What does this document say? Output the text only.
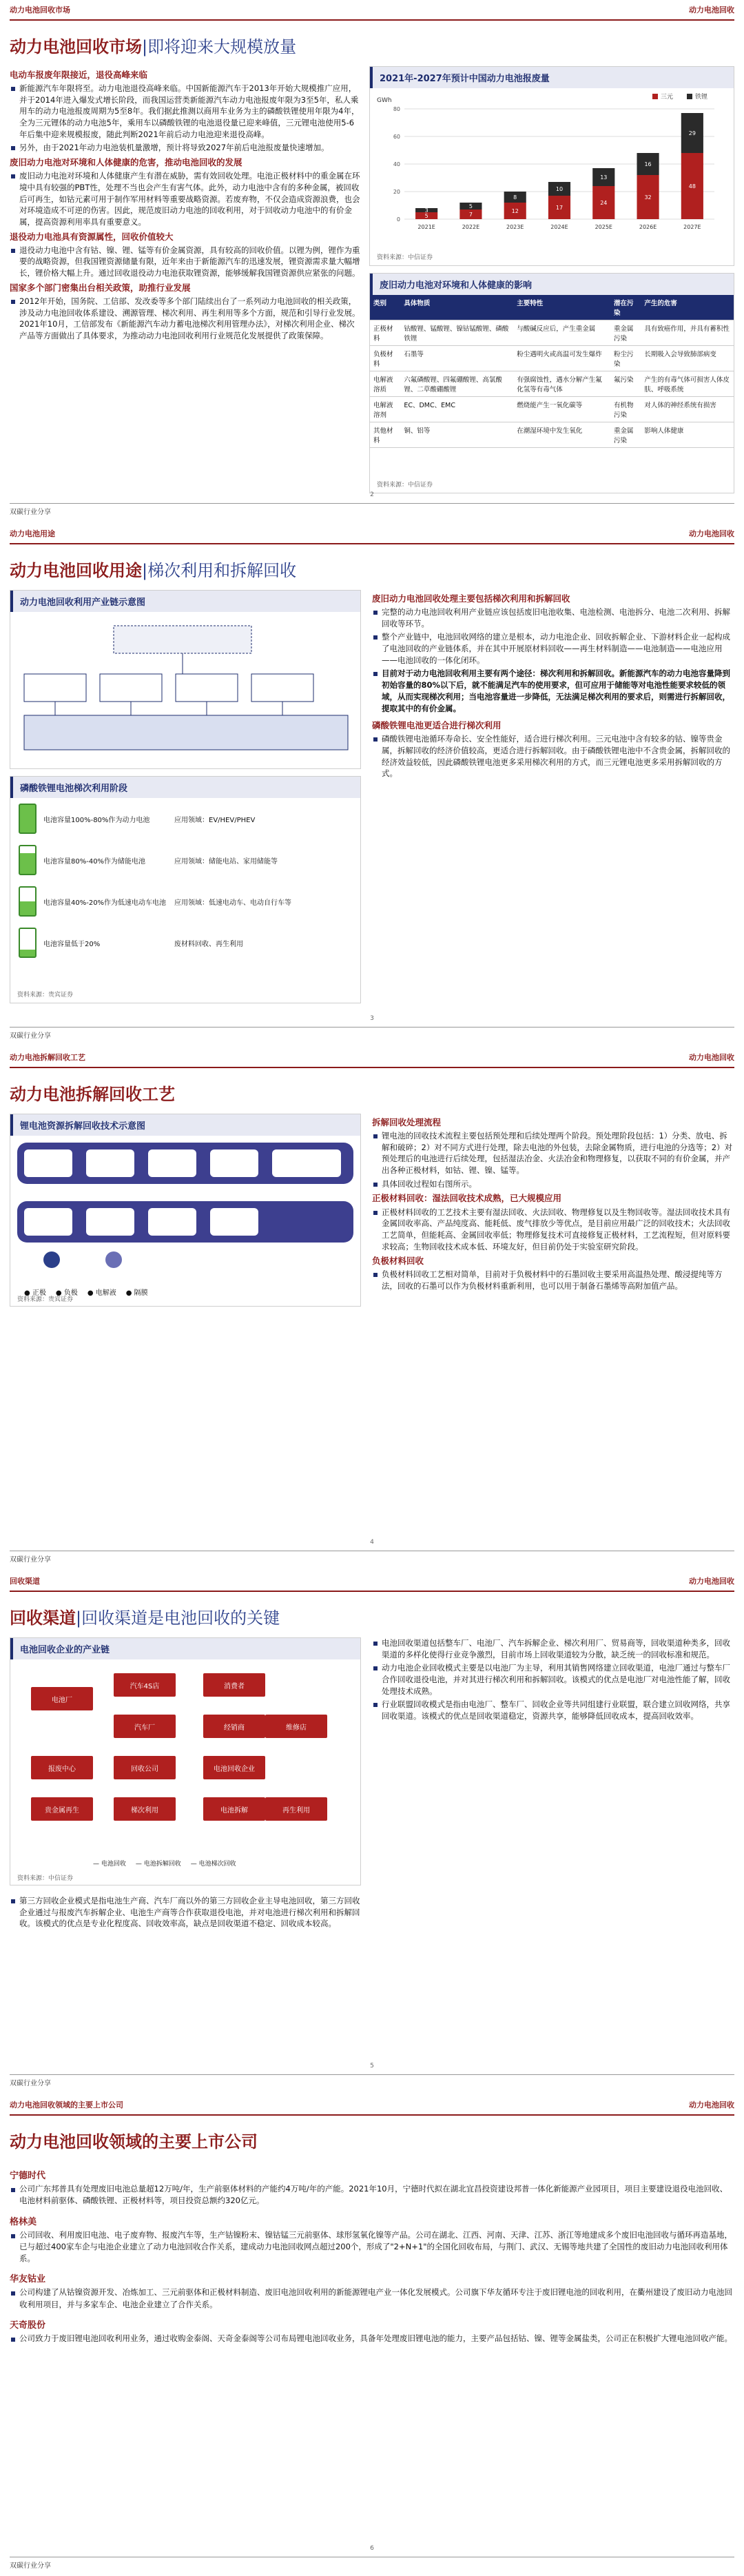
动力电池回收市场	动力电池回收
动力电池回收市场|即将迎来大规模放量
电动车报废年限接近，退役高峰来临
新能源汽车年限将至。动力电池退役高峰来临。中国新能源汽车于2013年开始大规模推广应用，并于2014年进入爆发式增长阶段，而我国运营类新能源汽车动力电池报废年限为3至5年，私人乘用车的动力电池报废周期为5至8年。我们据此推测以商用车业务为主的磷酸铁锂使用年限为4年，全为三元锂体的动力电池5年，乘用车以磷酸铁锂的电池退役量已迎来峰值，三元锂电池使用5-6年后集中迎来规模报废，随此判断2021年前后动力电池迎来退役高峰。
另外，由于2021年动力电池装机量激增，预计将导致2027年前后电池报废量快速增加。
废旧动力电池对环境和人体健康的危害，推动电池回收的发展
废旧动力电池对环境和人体健康产生有潜在威胁，需有效回收处理。电池正极材料中的重金属在环境中具有较强的PBT性，处理不当也会产生有害气体。此外，动力电池中含有的多种金属，被回收后可再生，如钴元素可用于制作军用材料等重要战略资源。若废弃物，不仅会造成资源浪费，也会对环境造成不可逆的伤害。因此，规范废旧动力电池的回收利用，对于回收动力电池中的有价金属，提高资源利用率具有重要意义。
退役动力电池具有资源属性，回收价值较大
退役动力电池中含有钴、镍、锂、锰等有价金属资源，具有较高的回收价值。以锂为例，锂作为重要的战略资源，但我国锂资源储量有限，近年来由于新能源汽车的迅速发展，锂资源需求量大幅增长，锂价格大幅上升。通过回收退役动力电池获取锂资源，能够缓解我国锂资源供应紧张的问题。
国家多个部门密集出台相关政策，助推行业发展
2012年开始，国务院、工信部、发改委等多个部门陆续出台了一系列动力电池回收的相关政策，涉及动力电池回收体系建设、溯源管理、梯次利用、再生利用等多个方面，规范和引导行业发展。2021年10月，工信部发布《新能源汽车动力蓄电池梯次利用管理办法》，对梯次利用企业、梯次产品等方面做出了具体要求，为推动动力电池回收利用行业规范化发展提供了政策保障。
2021年-2027年预计中国动力电池报废量
GWh
0
20
40
60
80
5
3
2021E
7
5
2022E
12
8
2023E
17
10
2024E
24
13
2025E
32
16
2026E
48
29
2027E
三元	铁锂
资料来源：中信证券
废旧动力电池对环境和人体健康的影响
类别	具体物质	主要特性	潜在污染	产生的危害
正极材料	钴酸锂、锰酸锂、镍钴锰酸锂、磷酸铁锂	与酸碱反应后，产生重金属	重金属污染	具有致癌作用，并具有蓄积性
负极材料	石墨等	粉尘遇明火或高温可发生爆炸	粉尘污染	长期吸入会导致肺部病变
电解液溶质	六氟磷酸锂、四氟硼酸锂、高氯酸锂、二草酸硼酸锂	有强腐蚀性，遇水分解产生氟化氢等有毒气体	氟污染	产生的有毒气体可损害人体皮肤、呼吸系统
电解液溶剂	EC、DMC、EMC	燃烧能产生一氧化碳等	有机物污染	对人体的神经系统有损害
其他材料	铜、铝等	在潮湿环境中发生氧化	重金属污染	影响人体健康
资料来源：中信证券
2
双碳行业分享
动力电池用途	动力电池回收
动力电池回收用途|梯次利用和拆解回收
动力电池回收利用产业链示意图
磷酸铁锂电池梯次利用阶段
电池容量100%-80%作为动力电池	应用领域：EV/HEV/PHEV
电池容量80%-40%作为储能电池	应用领域：储能电站、家用储能等
电池容量40%-20%作为低速电动车电池 应用领域：低速电动车、电动自行车等
电池容量低于20%	废材料回收、再生利用
资料来源：贵宾证券
废旧动力电池回收处理主要包括梯次利用和拆解回收
完整的动力电池回收利用产业链应该包括废旧电池收集、电池检测、电池拆分、电池二次利用、拆解回收等环节。
整个产业链中，电池回收网络的建立是根本，动力电池企业、回收拆解企业、下游材料企业一起构成了电池回收的产业链体系，并在其中开展原材料回收——再生材料制造——电池制造——电池应用——电池回收的一体化闭环。
目前对于动力电池回收利用主要有两个途径：梯次利用和拆解回收。新能源汽车的动力电池容量降到初始容量的80%以下后，就不能满足汽车的使用要求，但可应用于储能等对电池性能要求较低的领域，从而实现梯次利用；当电池容量进一步降低，无法满足梯次利用的要求后，则需进行拆解回收，提取其中的有价金属。
磷酸铁锂电池更适合进行梯次利用
磷酸铁锂电池循环寿命长、安全性能好，适合进行梯次利用。三元电池中含有较多的钴、镍等贵金属，拆解回收的经济价值较高，更适合进行拆解回收。由于磷酸铁锂电池中不含贵金属，拆解回收的经济效益较低，因此磷酸铁锂电池更多采用梯次利用的方式，而三元锂电池更多采用拆解回收的方式。
3
双碳行业分享
动力电池拆解回收工艺	动力电池回收
动力电池拆解回收工艺
锂电池资源拆解回收技术示意图
● 正极 ● 负极 ● 电解液 ● 隔膜
资料来源：贵宾证券
拆解回收处理流程
锂电池的回收技术流程主要包括预处理和后续处理两个阶段。预处理阶段包括：1）分类、放电、拆解和破碎；2）对不同方式进行处理，除去电池的外包装，去除金属物质，进行电池的分选等；2）对预处理后的电池进行后续处理，包括湿法冶金、火法冶金和物理修复，以获取不同的有价金属，并产出各种正极材料，如钴、锂、镍、锰等。
具体回收过程如右图所示。
正极材料回收：湿法回收技术成熟，已大规模应用
正极材料回收的工艺技术主要有湿法回收、火法回收、物理修复以及生物回收等。湿法回收技术具有金属回收率高、产品纯度高、能耗低、废气排放少等优点，是目前应用最广泛的回收技术；火法回收工艺简单，但能耗高、金属回收率低；物理修复技术可直接修复正极材料，工艺流程短，但对原料要求较高；生物回收技术成本低、环境友好，但目前仍处于实验室研究阶段。
负极材料回收
负极材料回收工艺相对简单，目前对于负极材料中的石墨回收主要采用高温热处理、酸浸提纯等方法，回收的石墨可以作为负极材料重新利用，也可以用于制备石墨烯等高附加值产品。
4
双碳行业分享
回收渠道	动力电池回收
回收渠道|回收渠道是电池回收的关键
电池回收企业的产业链
电池厂
汽车4S店	消费者
汽车厂	经销商	维修店
报废中心	回收公司	电池回收企业
贵金属再生	梯次利用	电池拆解	再生利用
— 电池回收 — 电池拆解回收 — 电池梯次回收
资料来源：中信证券
第三方回收企业模式是指电池生产商、汽车厂商以外的第三方回收企业主导电池回收，第三方回收企业通过与报废汽车拆解企业、电池生产商等合作获取退役电池，并对电池进行梯次利用和拆解回收。该模式的优点是专业化程度高、回收效率高，缺点是回收渠道不稳定、回收成本较高。
电池回收渠道包括整车厂、电池厂、汽车拆解企业、梯次利用厂、贸易商等，回收渠道种类多，回收渠道的多样化使得行业竞争激烈，目前市场上回收渠道较为分散，缺乏统一的回收标准和规范。
动力电池企业回收模式主要是以电池厂为主导，利用其销售网络建立回收渠道，电池厂通过与整车厂合作回收退役电池，并对其进行梯次利用和拆解回收。该模式的优点是电池厂对电池性能了解，回收处理技术成熟。
行业联盟回收模式是指由电池厂、整车厂、回收企业等共同组建行业联盟，联合建立回收网络，共享回收渠道。该模式的优点是回收渠道稳定，资源共享，能够降低回收成本，提高回收效率。
5
双碳行业分享
动力电池回收领域的主要上市公司	动力电池回收
动力电池回收领域的主要上市公司
宁德时代

公司广东邦普具有处理废旧电池总量超12万吨/年，生产前驱体材料的产能约4万吨/年的产能。2021年10月，宁德时代拟在湖北宜昌投资建设邦普一体化新能源产业园项目，项目主要建设退役电池回收、电池材料前驱体、磷酸铁锂、正极材料等，项目投资总额约320亿元。

格林美

公司回收、利用废旧电池、电子废弃物、报废汽车等，生产钴镍粉末、镍钴锰三元前驱体、球形氢氧化镍等产品。公司在湖北、江西、河南、天津、江苏、浙江等地建成多个废旧电池回收与循环再造基地，已与超过400家车企与电池企业建立了动力电池回收合作关系，建成动力电池回收网点超过200个，形成了"2+N+1"的全国化回收布局，与荆门、武汉、无锡等地共建了全国性的废旧动力电池回收利用体系。

华友钴业

公司构建了从钴镍资源开发、冶炼加工、三元前驱体和正极材料制造、废旧电池回收利用的新能源锂电产业一体化发展模式。公司旗下华友循环专注于废旧锂电池的回收利用，在衢州建设了废旧动力电池回收利用项目，并与多家车企、电池企业建立了合作关系。

天奇股份

公司致力于废旧锂电池回收利用业务，通过收购金泰阁、天奇金泰阁等公司布局锂电池回收业务，具备年处理废旧锂电池的能力，主要产品包括钴、镍、锂等金属盐类，公司正在积极扩大锂电池回收产能。

6
双碳行业分享
